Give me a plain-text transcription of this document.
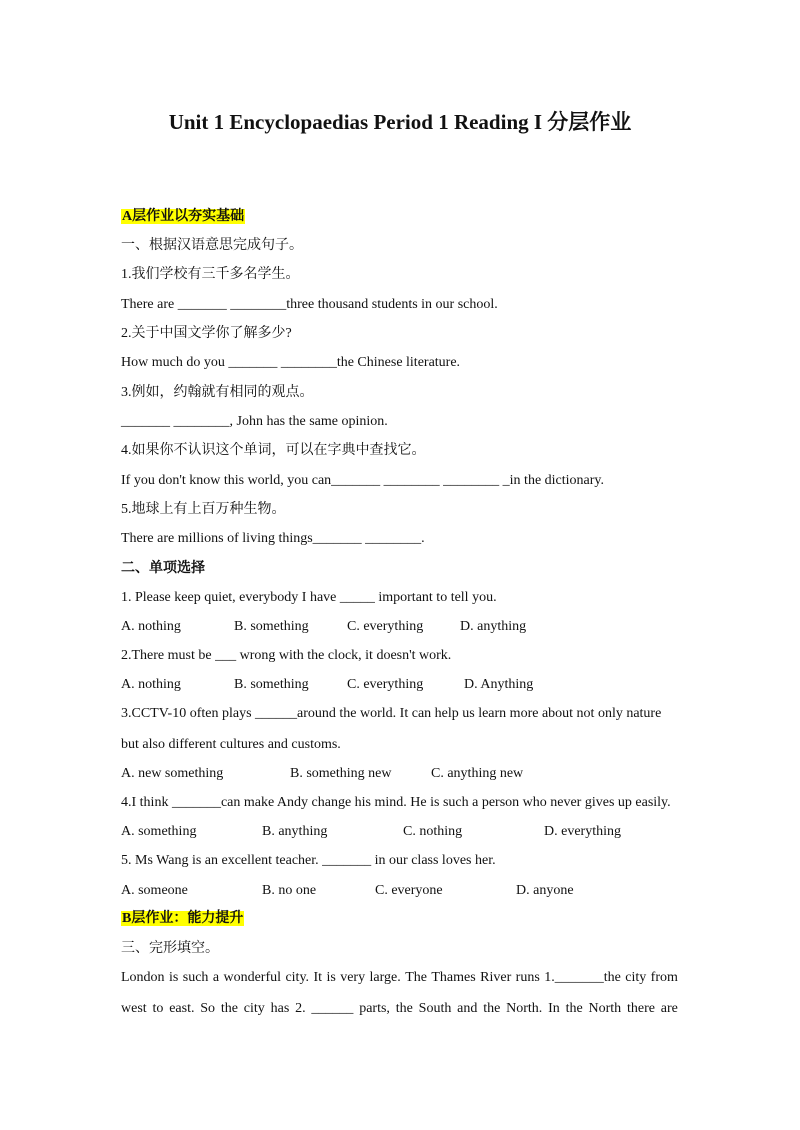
Unit 1 Encyclopaedias Period 1 Reading I 分层作业
A层作业以夯实基础
一、根据汉语意思完成句子。
1.我们学校有三千多名学生。
There are _______ ________three thousand students in our school.
2.关于中国文学你了解多少?
How much do you _______ ________the Chinese literature.
3.例如，约翰就有相同的观点。
_______ ________, John has the same opinion.
4.如果你不认识这个单词，可以在字典中查找它。
If you don't know this world, you can_______ ________ ________ _in the dictionary.
5.地球上有上百万种生物。
There are millions of living things_______ ________.
二、单项选择
1. Please keep quiet, everybody I have _____ important to tell you.
A. nothing	B. something	C. everything	D. anything
2.There must be ___ wrong with the clock, it doesn't work.
A. nothing	B. something	C. everything	D. Anything
3.CCTV-10 often plays ______around the world. It can help us learn more about not only nature
but also different cultures and customs.
A. new something	B. something new	C. anything new
4.I think _______can make Andy change his mind. He is such a person who never gives up easily.
A. something	B. anything	C. nothing	D. everything
5. Ms Wang is an excellent teacher. _______ in our class loves her.
A. someone	B. no one	C. everyone	D. anyone
B层作业：能力提升
三、完形填空。
London is such a wonderful city. It is very large. The Thames River runs 1._______the city from
west to east. So the city has 2. ______ parts, the South and the North. In the North there are
